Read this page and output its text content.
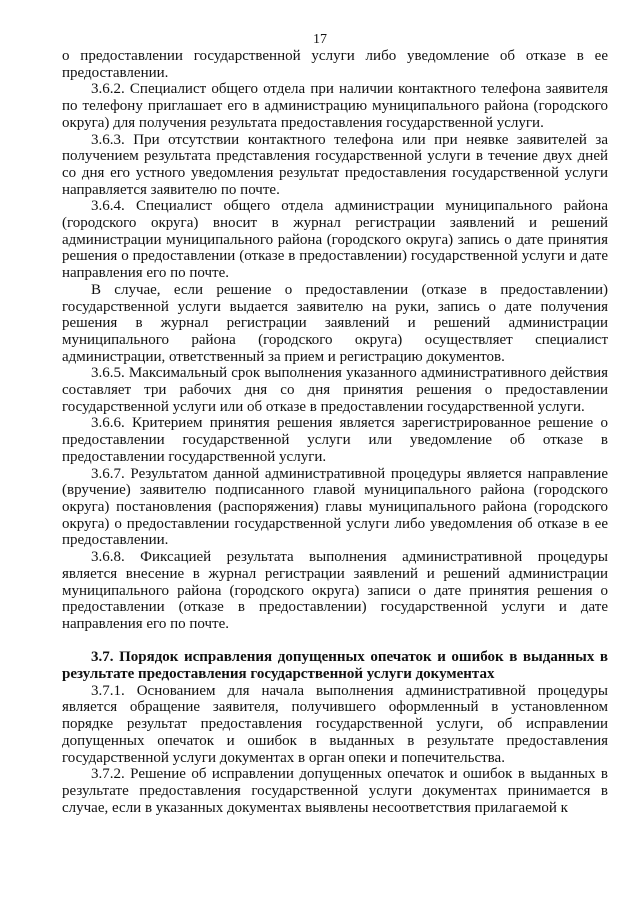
17

о предоставлении государственной услуги либо уведомление об отказе в ее предоставлении.

3.6.2. Специалист общего отдела при наличии контактного телефона заявителя по телефону приглашает его в администрацию муниципального района (городского округа) для получения результата предоставления государственной услуги.

3.6.3. При отсутствии контактного телефона или при неявке заявителей за получением результата представления государственной услуги в течение двух дней со дня его устного уведомления результат предоставления государственной услуги направляется заявителю по почте.

3.6.4. Специалист общего отдела администрации муниципального района (городского округа) вносит в журнал регистрации заявлений и решений администрации муниципального района (городского округа) запись о дате принятия решения о предоставлении (отказе в предоставлении) государственной услуги и дате направления его по почте.

В случае, если решение о предоставлении (отказе в предоставлении) государственной услуги выдается заявителю на руки, запись о дате получения решения в журнал регистрации заявлений и решений администрации муниципального района (городского округа) осуществляет специалист администрации, ответственный за прием и регистрацию документов.

3.6.5. Максимальный срок выполнения указанного административного действия составляет три рабочих дня со дня принятия решения о предоставлении государственной услуги или об отказе в предоставлении государственной услуги.

3.6.6. Критерием принятия решения является зарегистрированное решение о предоставлении государственной услуги или уведомление об отказе в предоставлении государственной услуги.

3.6.7. Результатом данной административной процедуры является направление (вручение) заявителю подписанного главой муниципального района (городского округа) постановления (распоряжения) главы муниципального района (городского округа) о предоставлении государственной услуги либо уведомления об отказе в ее предоставлении.

3.6.8. Фиксацией результата выполнения административной процедуры является внесение в журнал регистрации заявлений и решений администрации муниципального района (городского округа) записи о дате принятия решения о предоставлении (отказе в предоставлении) государственной услуги и дате направления его по почте.

3.7. Порядок исправления допущенных опечаток и ошибок в выданных в результате предоставления государственной услуги документах

3.7.1. Основанием для начала выполнения административной процедуры является обращение заявителя, получившего оформленный в установленном порядке результат предоставления государственной услуги, об исправлении допущенных опечаток и ошибок в выданных в результате предоставления государственной услуги документах в орган опеки и попечительства.

3.7.2. Решение об исправлении допущенных опечаток и ошибок в выданных в результате предоставления государственной услуги документах принимается в случае, если в указанных документах выявлены несоответствия прилагаемой к
